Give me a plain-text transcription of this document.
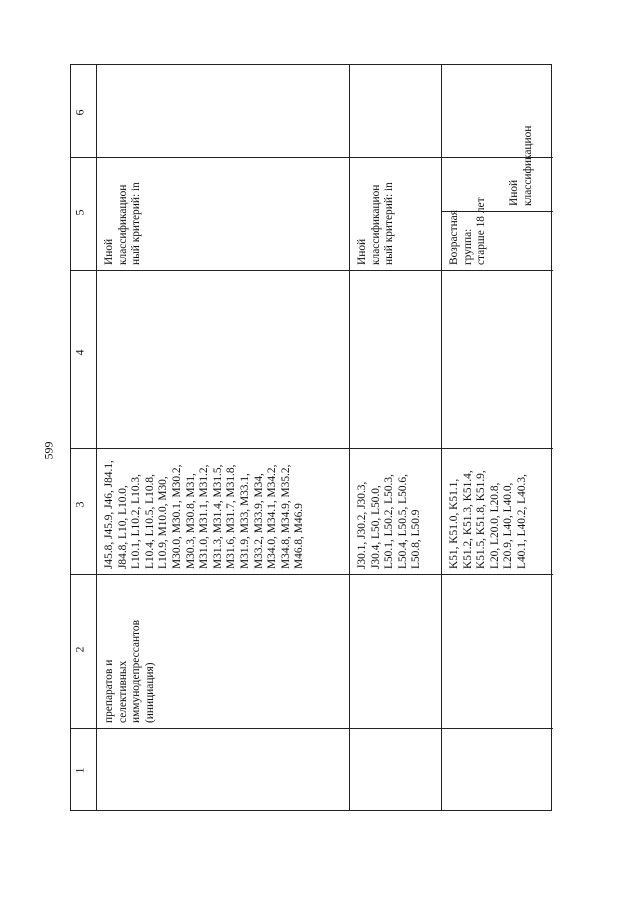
599
1
2
3
4
5
6
препаратов и
селективных
иммунодепрессантов
(инициация)
J45.8, J45.9, J46, J84.1,
J84.8, L10, L10.0,
L10.1, L10.2, L10.3,
L10.4, L10.5, L10.8,
L10.9, M10.0, M30,
M30.0, M30.1, M30.2,
M30.3, M30.8, M31,
M31.0, M31.1, M31.2,
M31.3, M31.4, M31.5,
M31.6, M31.7, M31.8,
M31.9, M33, M33.1,
M33.2, M33.9, M34,
M34.0, M34.1, M34.2,
M34.8, M34.9, M35.2,
M46.8, M46.9
Иной
классификацион
ный критерий: in
J30.1, J30.2, J30.3,
J30.4, L50, L50.0,
L50.1, L50.2, L50.3,
L50.4, L50.5, L50.6,
L50.8, L50.9
Иной
классификацион
ный критерий: in
K51, K51.0, K51.1,
K51.2, K51.3, K51.4,
K51.5, K51.8, K51.9,
L20, L20.0, L20.8,
L20.9, L40, L40.0,
L40.1, L40.2, L40.3,
Возрастная
группа:
старше 18 лет Иной
классификацион
